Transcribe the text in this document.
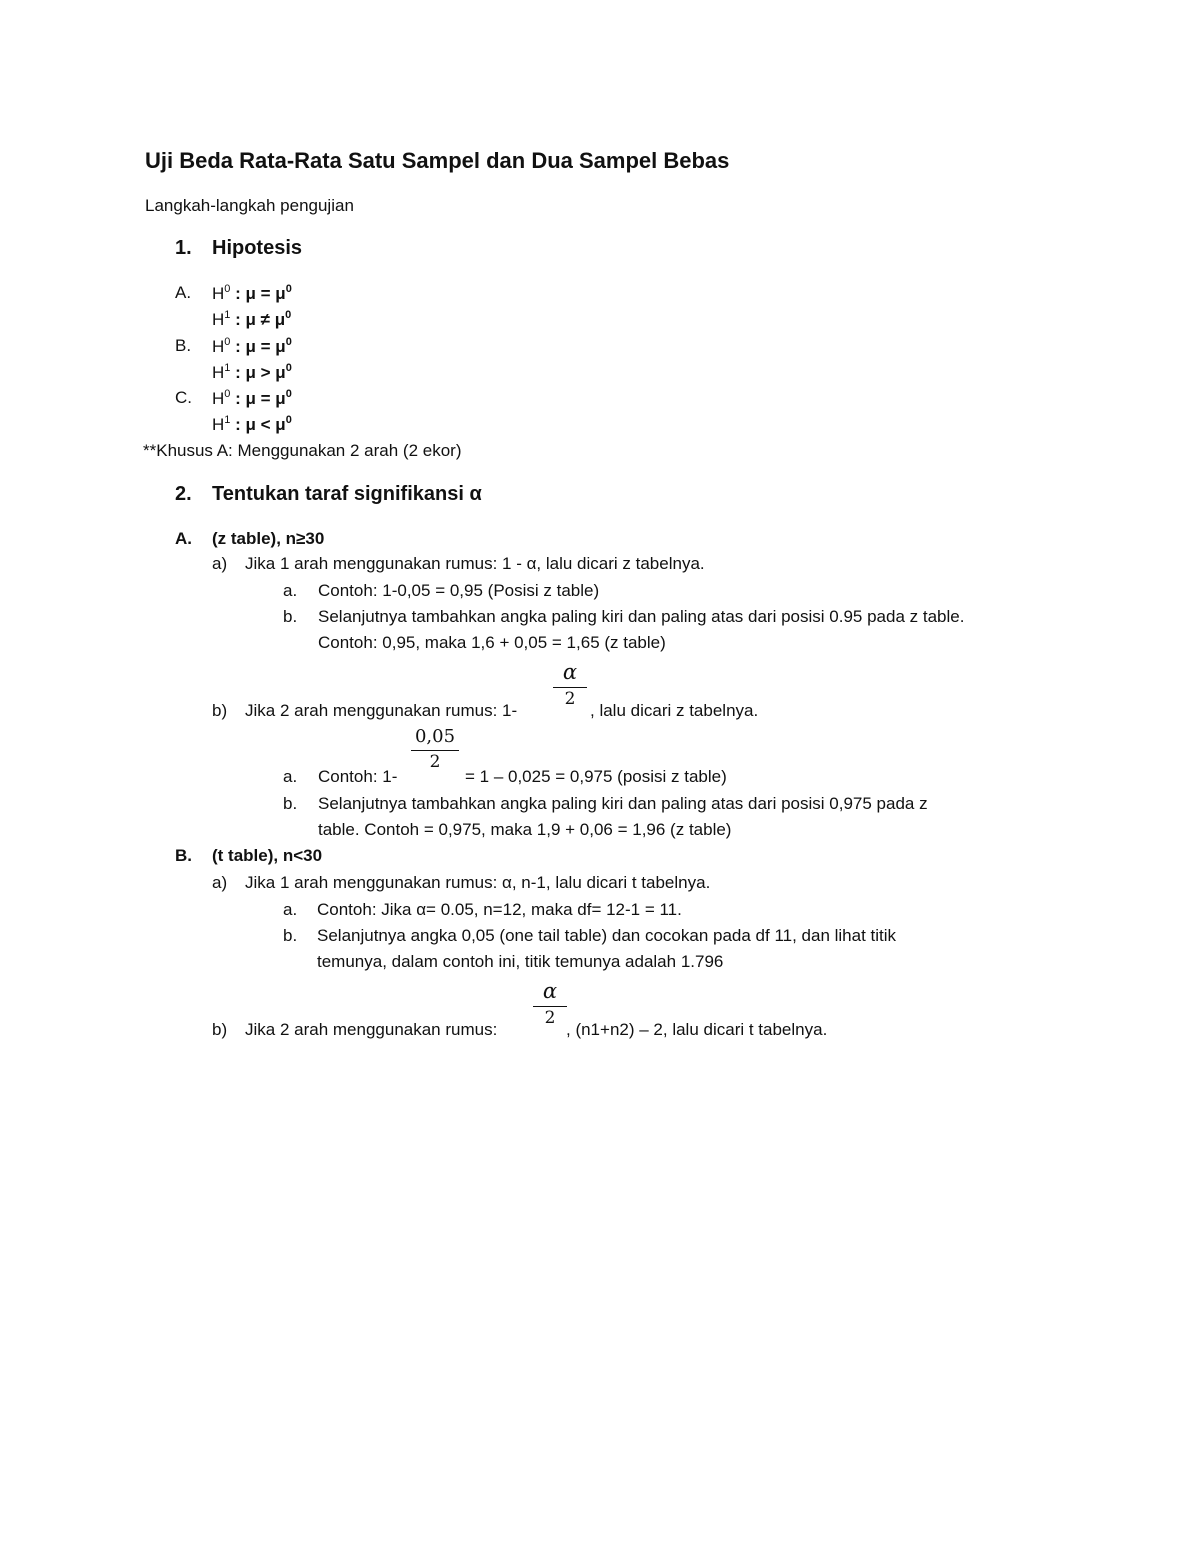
Uji Beda Rata-Rata Satu Sampel dan Dua Sampel Bebas
Langkah-langkah pengujian
1. Hipotesis
A. $H^0$ : $\mu = \mu^0$
$H^1$ : $\mu \ne \mu^0$
B. $H^0$ : $\mu = \mu^0$
$H^1$ : $\mu > \mu^0$
C. $H^0$ : $\mu = \mu^0$
$H^1$ : $\mu < \mu^0$
**Khusus A: Menggunakan 2 arah (2 ekor)
2. Tentukan taraf signifikansi α
A. (z table), n≥30
a) Jika 1 arah menggunakan rumus: 1 - α, lalu dicari z tabelnya.
a. Contoh: 1-0,05 = 0,95 (Posisi z table)
b. Selanjutnya tambahkan angka paling kiri dan paling atas dari posisi 0.95 pada z table.
Contoh: 0,95, maka 1,6 + 0,05 = 1,65 (z table)
α
2
b) Jika 2 arah menggunakan rumus: 1-	, lalu dicari z tabelnya.
0,05
2
a. Contoh: 1-	= 1 – 0,025 = 0,975 (posisi z table)
b. Selanjutnya tambahkan angka paling kiri dan paling atas dari posisi 0,975 pada z
table. Contoh = 0,975, maka 1,9 + 0,06 = 1,96 (z table)
B. (t table), n<30
a) Jika 1 arah menggunakan rumus: α, n-1, lalu dicari t tabelnya.
a. Contoh: Jika α= 0.05, n=12, maka df= 12-1 = 11.
b. Selanjutnya angka 0,05 (one tail table) dan cocokan pada df 11, dan lihat titik
temunya, dalam contoh ini, titik temunya adalah 1.796
α
2
b) Jika 2 arah menggunakan rumus:	, (n1+n2) – 2, lalu dicari t tabelnya.
